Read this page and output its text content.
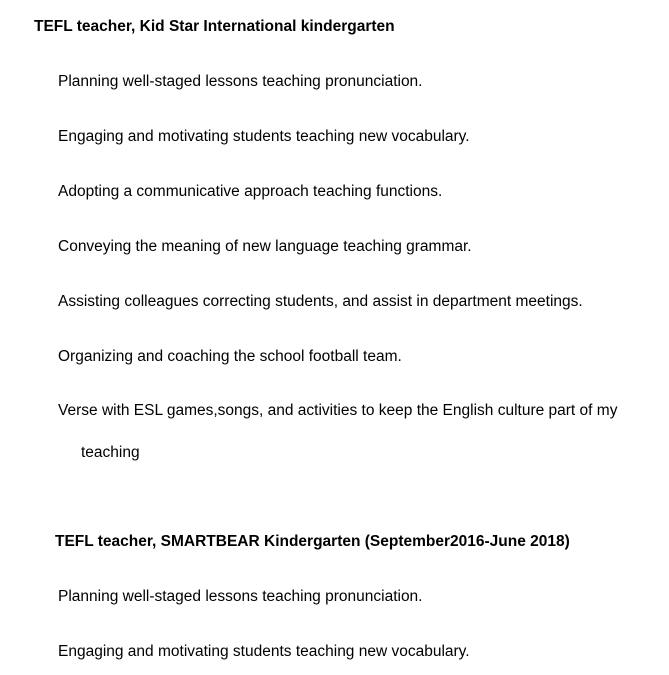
TEFL teacher, Kid Star International kindergarten
Planning well-staged lessons teaching pronunciation.
Engaging and motivating students teaching new vocabulary.
Adopting a communicative approach teaching functions.
Conveying the meaning of new language teaching grammar.
Assisting colleagues correcting students, and assist in department meetings.
Organizing and coaching the school football team.
Verse with ESL games,songs, and activities to keep the English culture part of my
teaching
TEFL teacher, SMARTBEAR Kindergarten (September2016-June 2018)
Planning well-staged lessons teaching pronunciation.
Engaging and motivating students teaching new vocabulary.
